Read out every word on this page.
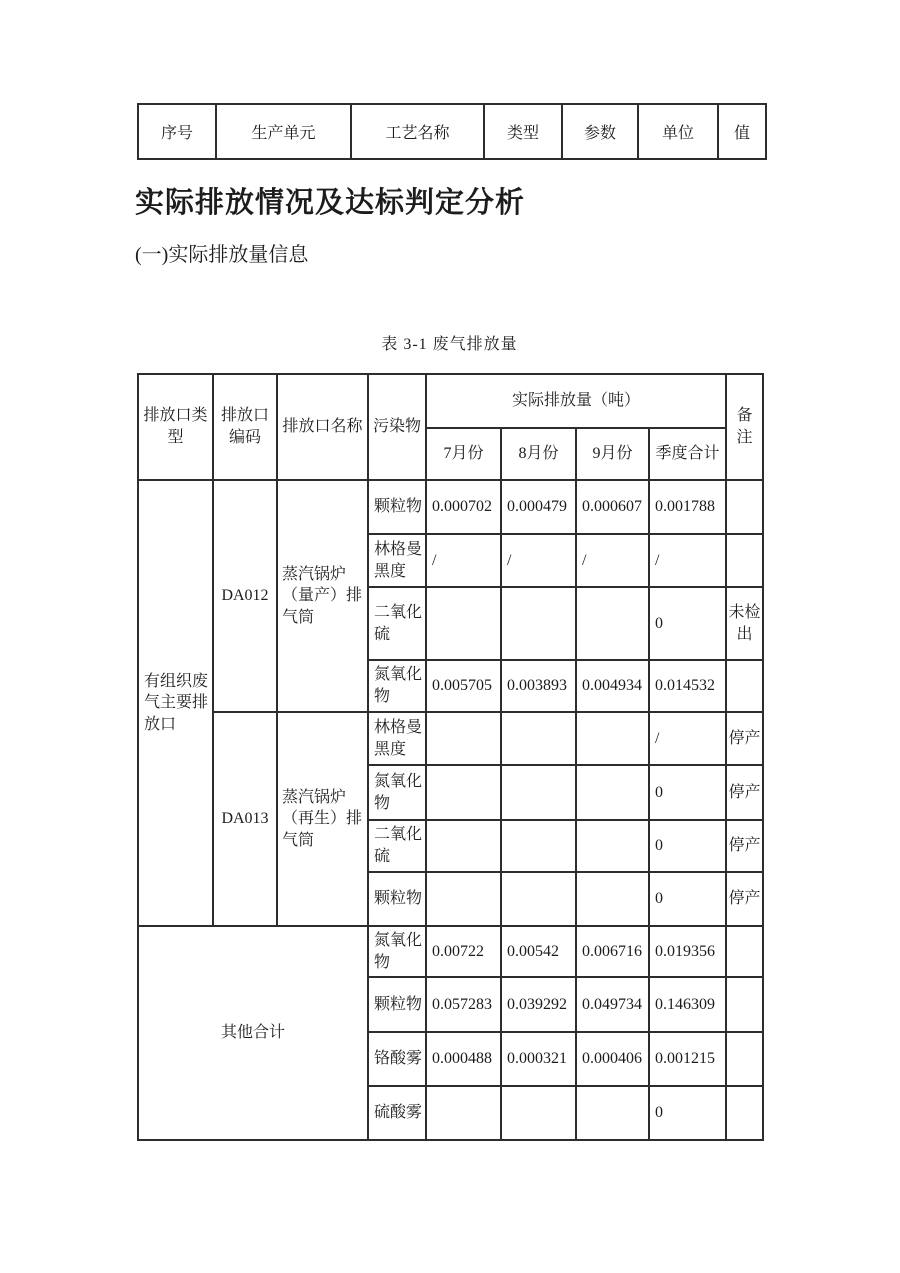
序号	生产单元	工艺名称	类型	参数	单位	值
实际排放情况及达标判定分析
(一)实际排放量信息
表 3-1 废气排放量
排放口类型	排放口编码	排放口名称	污染物	实际排放量（吨）				备注
				7月份	8月份	9月份	季度合计	
有组织废气主要排放口	DA012	蒸汽锅炉（量产）排气筒	颗粒物	0.000702	0.000479	0.000607	0.001788	
			林格曼黑度	/	/	/	/	
			二氧化硫				0	未检出
			氮氧化物	0.005705	0.003893	0.004934	0.014532	
	DA013	蒸汽锅炉（再生）排气筒	林格曼黑度				/	停产
			氮氧化物				0	停产
			二氧化硫				0	停产
			颗粒物				0	停产
其他合计			氮氧化物	0.00722	0.00542	0.006716	0.019356	
			颗粒物	0.057283	0.039292	0.049734	0.146309	
			铬酸雾	0.000488	0.000321	0.000406	0.001215	
			硫酸雾				0	
